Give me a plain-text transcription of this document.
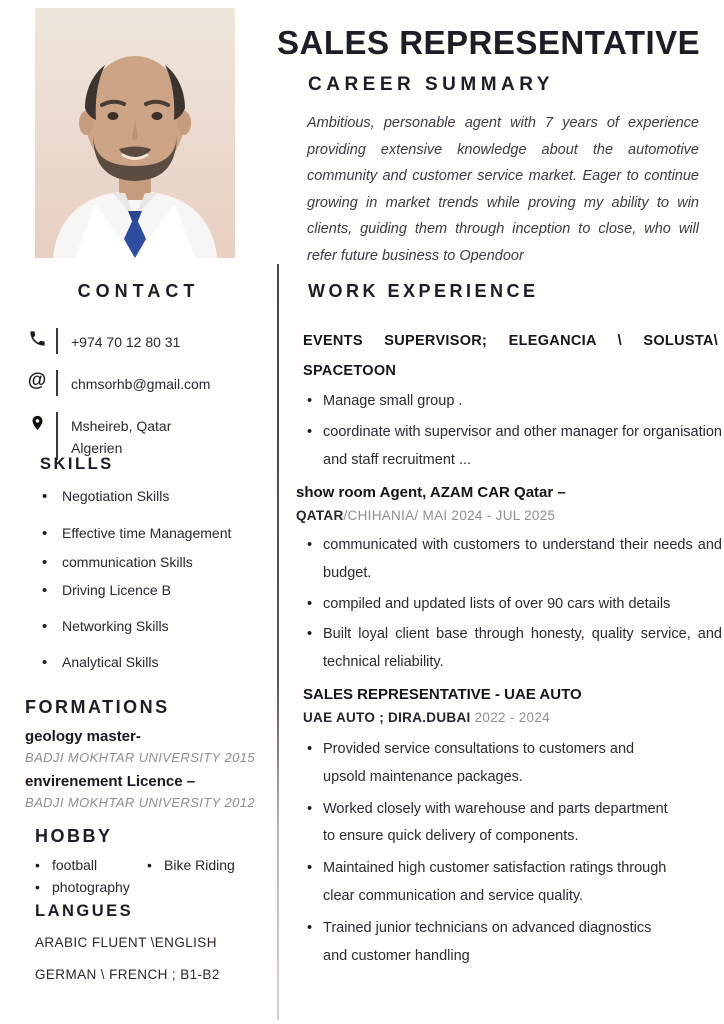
SALES REPRESENTATIVE
CAREER SUMMARY

Ambitious, personable agent with 7 years of experience providing extensive knowledge about the automotive community and customer service market. Eager to continue growing in market trends while proving my ability to win clients, guiding them through inception to close, who will refer future business to Opendoor

CONTACT
+974 70 12 80 31
@	chmsorhb@gmail.com
Msheireb, Qatar
Algerien
SKILLS
• Negotiation Skills
• Effective time Management
• communication Skills
• Driving Licence B
• Networking Skills
• Analytical Skills
FORMATIONS
geology master-
BADJI MOKHTAR UNIVERSITY 2015
envirenement Licence –
BADJI MOKHTAR UNIVERSITY 2012
HOBBY
• football
• photography
• Bike Riding
LANGUES
ARABIC FLUENT \ENGLISH
GERMAN \ FRENCH ; B1-B2
WORK EXPERIENCE
EVENTS SUPERVISOR; ELEGANCIA \ SOLUSTA\ SPACETOON
• Manage small group .
• coordinate with supervisor and other manager for organisation and staff recruitment ...
show room Agent, AZAM CAR Qatar –
QATAR/CHIHANIA/ MAI 2024 - JUL 2025
• communicated with customers to understand their needs and budget.
• compiled and updated lists of over 90 cars with details
• Built loyal client base through honesty, quality service, and technical reliability.
SALES REPRESENTATIVE - UAE AUTO
UAE AUTO ; DIRA.DUBAI 2022 - 2024
• Provided service consultations to customers and upsold maintenance packages.
• Worked closely with warehouse and parts department to ensure quick delivery of components.
• Maintained high customer satisfaction ratings through clear communication and service quality.
• Trained junior technicians on advanced diagnostics and customer handling
